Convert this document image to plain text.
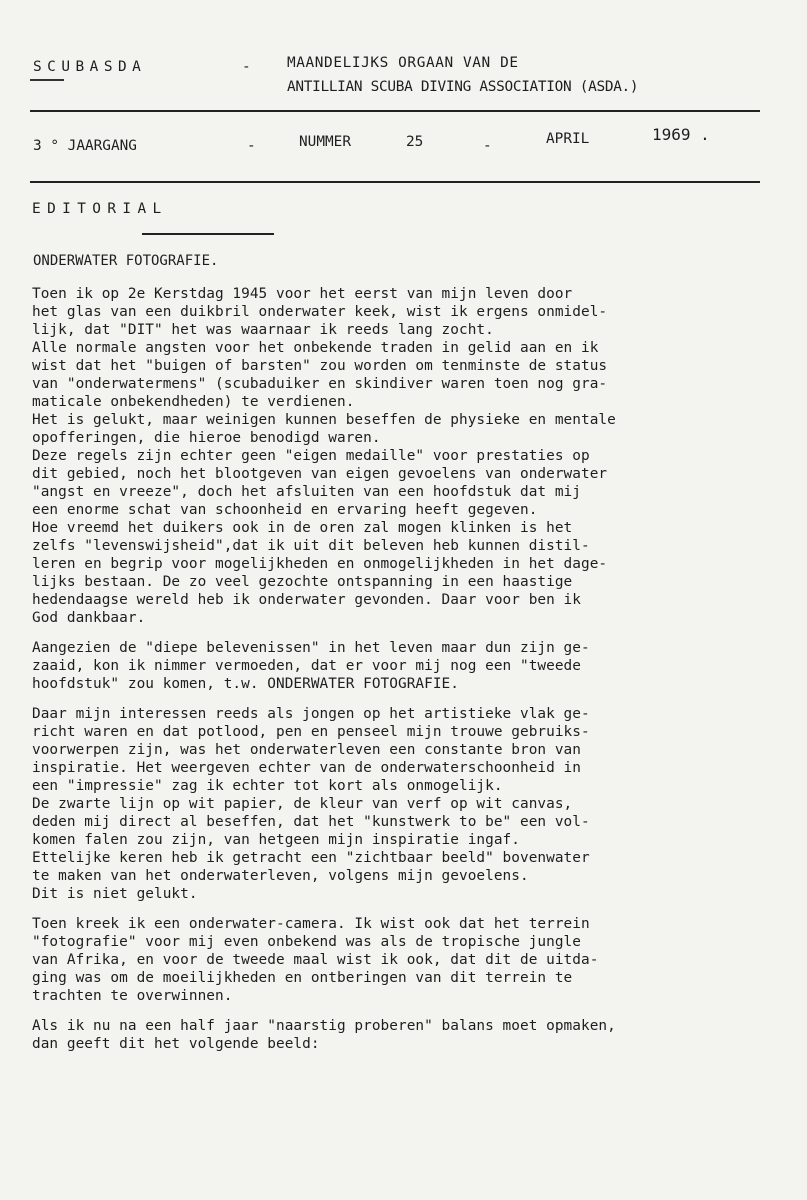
SCUBASDA	-	MAANDELIJKS ORGAAN VAN DE
ANTILLIAN SCUBA DIVING ASSOCIATION (ASDA.)
3 ° JAARGANG	-	NUMMER	25	-	APRIL	1969 .
EDITORIAL
ONDERWATER FOTOGRAFIE.
Toen ik op 2e Kerstdag 1945 voor het eerst van mijn leven door
het glas van een duikbril onderwater keek, wist ik ergens onmidel-
lijk, dat "DIT" het was waarnaar ik reeds lang zocht.
Alle normale angsten voor het onbekende traden in gelid aan en ik
wist dat het "buigen of barsten" zou worden om tenminste de status
van "onderwatermens" (scubaduiker en skindiver waren toen nog gra-
maticale onbekendheden) te verdienen.
Het is gelukt, maar weinigen kunnen beseffen de physieke en mentale
opofferingen, die hieroe benodigd waren.
Deze regels zijn echter geen "eigen medaille" voor prestaties op
dit gebied, noch het blootgeven van eigen gevoelens van onderwater
"angst en vreeze", doch het afsluiten van een hoofdstuk dat mij
een enorme schat van schoonheid en ervaring heeft gegeven.
Hoe vreemd het duikers ook in de oren zal mogen klinken is het
zelfs "levenswijsheid",dat ik uit dit beleven heb kunnen distil-
leren en begrip voor mogelijkheden en onmogelijkheden in het dage-
lijks bestaan. De zo veel gezochte ontspanning in een haastige
hedendaagse wereld heb ik onderwater gevonden. Daar voor ben ik
God dankbaar.
Aangezien de "diepe belevenissen" in het leven maar dun zijn ge-
zaaid, kon ik nimmer vermoeden, dat er voor mij nog een "tweede
hoofdstuk" zou komen, t.w. ONDERWATER FOTOGRAFIE.
Daar mijn interessen reeds als jongen op het artistieke vlak ge-
richt waren en dat potlood, pen en penseel mijn trouwe gebruiks-
voorwerpen zijn, was het onderwaterleven een constante bron van
inspiratie. Het weergeven echter van de onderwaterschoonheid in
een "impressie" zag ik echter tot kort als onmogelijk.
De zwarte lijn op wit papier, de kleur van verf op wit canvas,
deden mij direct al beseffen, dat het "kunstwerk to be" een vol-
komen falen zou zijn, van hetgeen mijn inspiratie ingaf.
Ettelijke keren heb ik getracht een "zichtbaar beeld" bovenwater
te maken van het onderwaterleven, volgens mijn gevoelens.
Dit is niet gelukt.
Toen kreek ik een onderwater-camera. Ik wist ook dat het terrein
"fotografie" voor mij even onbekend was als de tropische jungle
van Afrika, en voor de tweede maal wist ik ook, dat dit de uitda-
ging was om de moeilijkheden en ontberingen van dit terrein te
trachten te overwinnen.
Als ik nu na een half jaar "naarstig proberen" balans moet opmaken,
dan geeft dit het volgende beeld:
